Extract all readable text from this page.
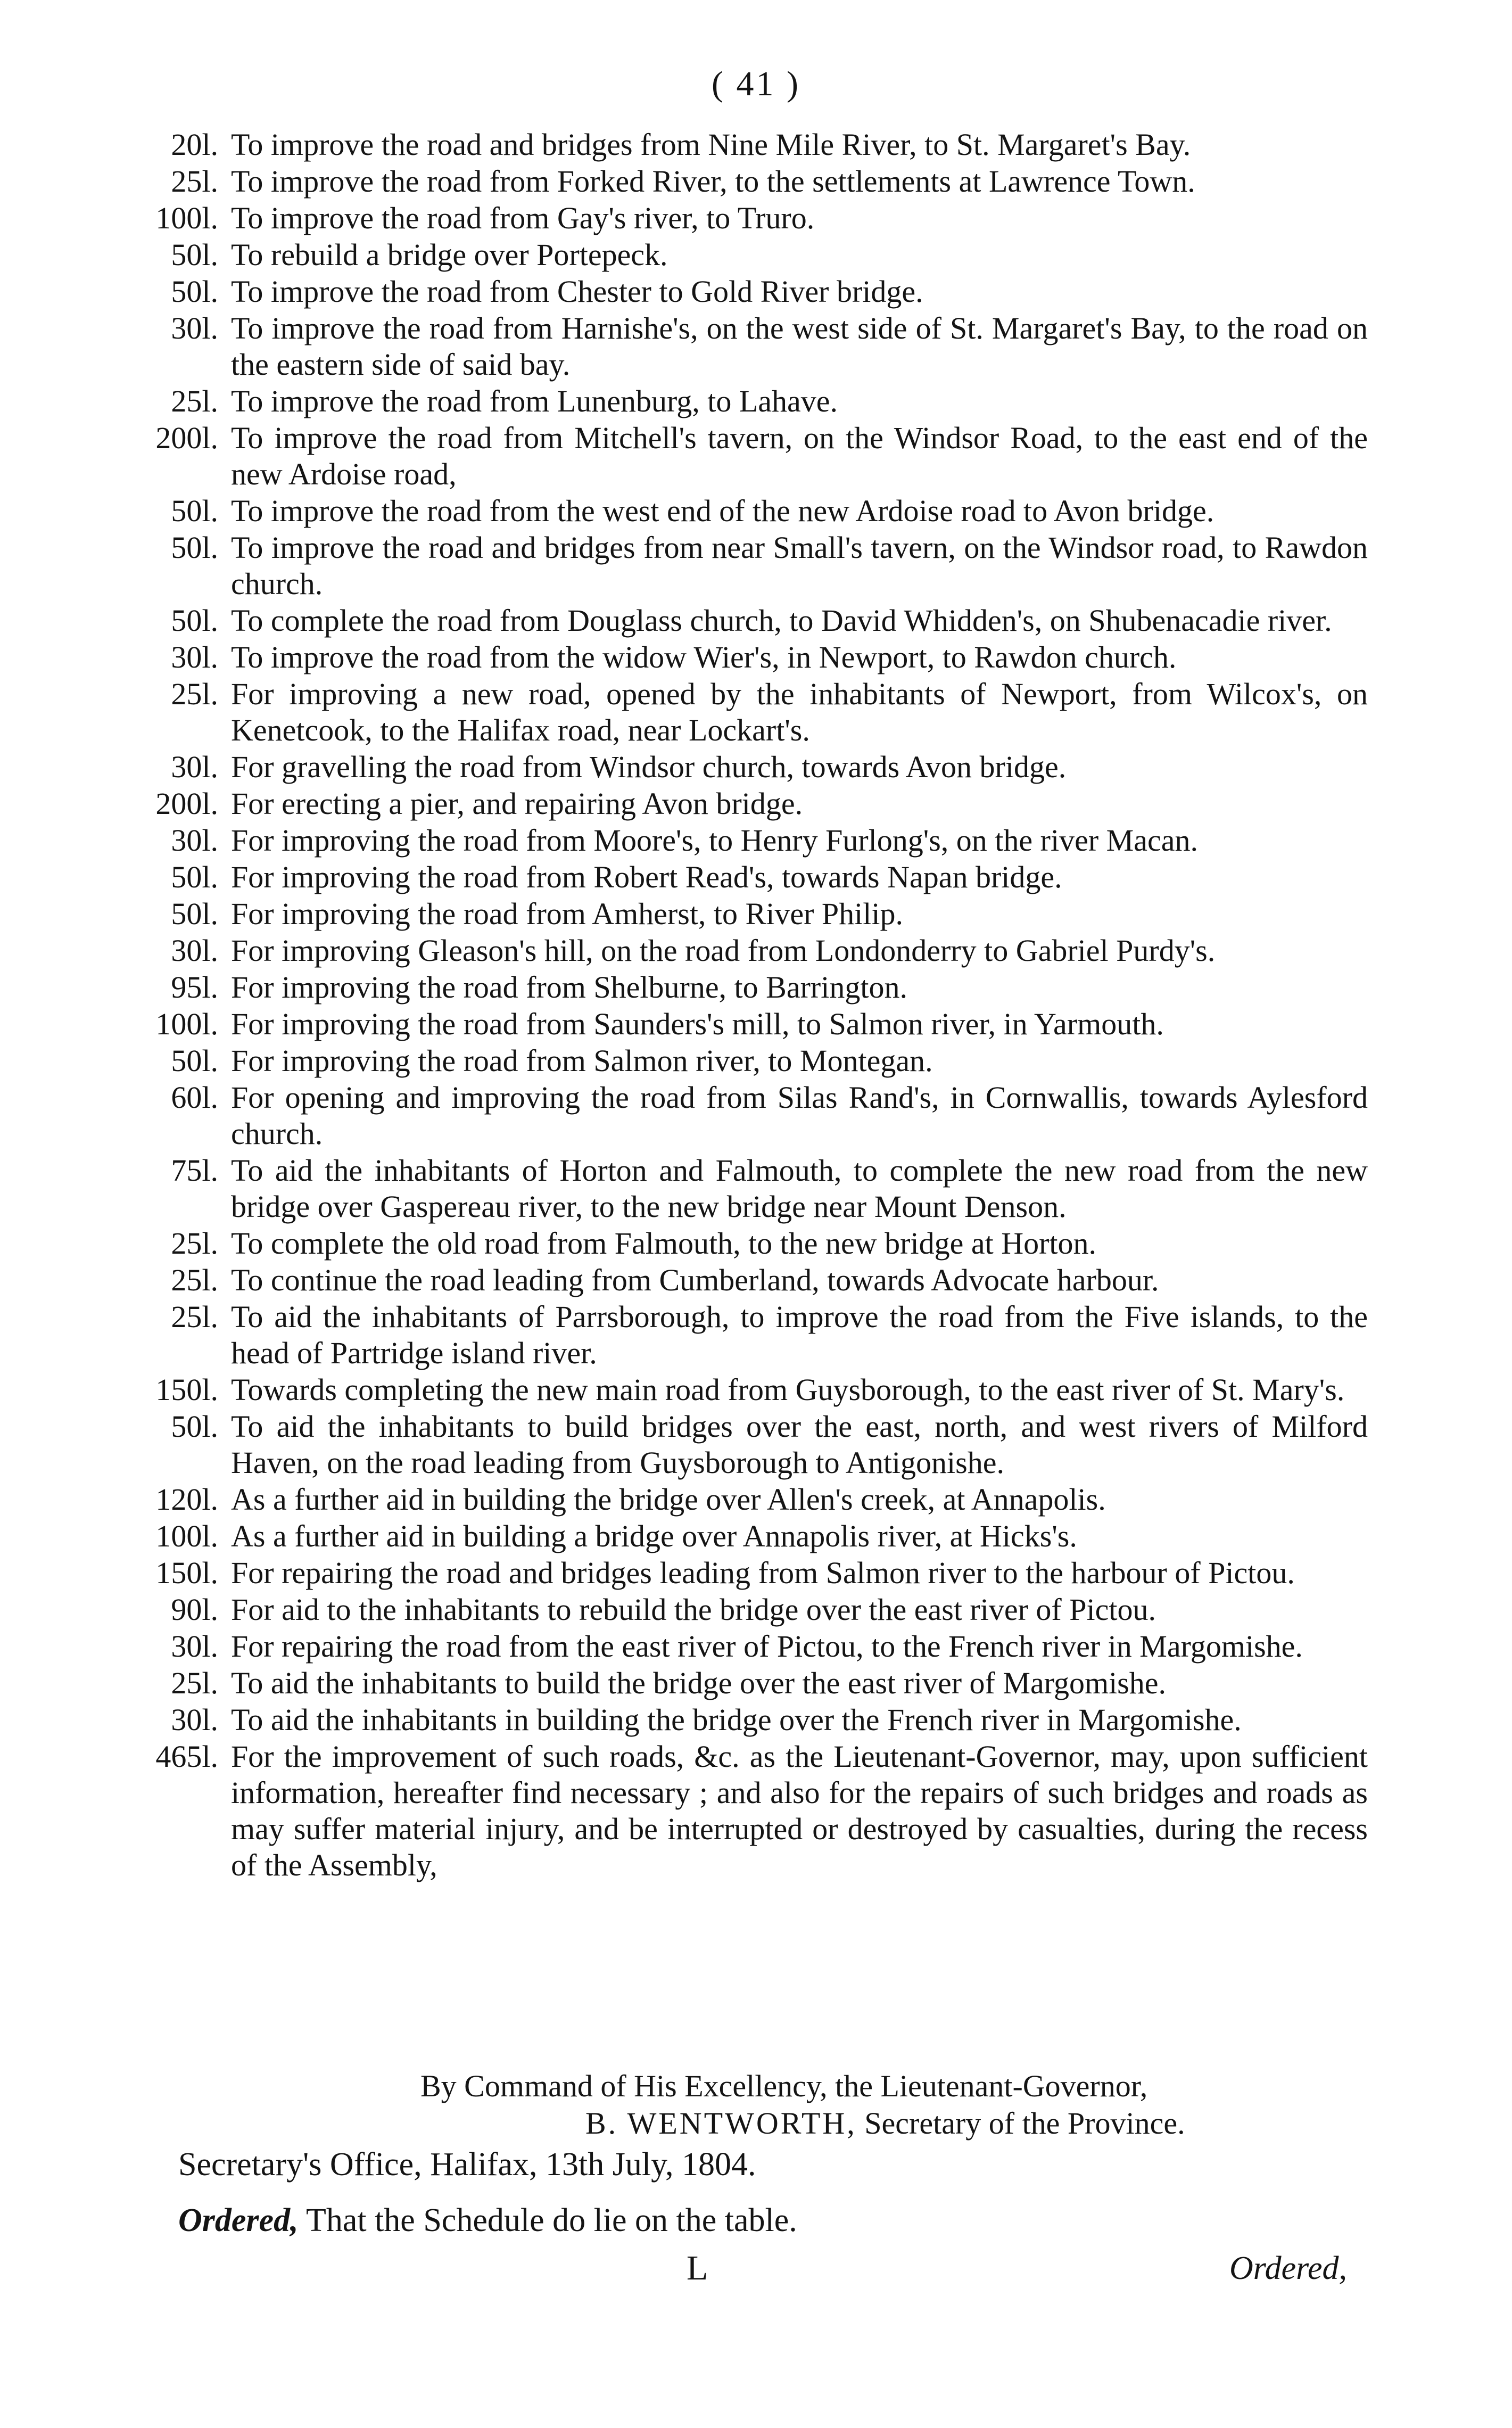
( 41 )
20l. To improve the road and bridges from Nine Mile River, to St. Margaret's Bay.
25l. To improve the road from Forked River, to the settlements at Lawrence Town.
100l. To improve the road from Gay's river, to Truro.
50l. To rebuild a bridge over Portepeck.
50l. To improve the road from Chester to Gold River bridge.
30l. To improve the road from Harnishe's, on the west side of St. Margaret's Bay, to the road on the eastern side of said bay.
25l. To improve the road from Lunenburg, to Lahave.
200l. To improve the road from Mitchell's tavern, on the Windsor Road, to the east end of the new Ardoise road,
50l. To improve the road from the west end of the new Ardoise road to Avon bridge.
50l. To improve the road and bridges from near Small's tavern, on the Windsor road, to Rawdon church.
50l. To complete the road from Douglass church, to David Whidden's, on Shubenacadie river.
30l. To improve the road from the widow Wier's, in Newport, to Rawdon church.
25l. For improving a new road, opened by the inhabitants of Newport, from Wilcox's, on Kenetcook, to the Halifax road, near Lockart's.
30l. For gravelling the road from Windsor church, towards Avon bridge.
200l. For erecting a pier, and repairing Avon bridge.
30l. For improving the road from Moore's, to Henry Furlong's, on the river Macan.
50l. For improving the road from Robert Read's, towards Napan bridge.
50l. For improving the road from Amherst, to River Philip.
30l. For improving Gleason's hill, on the road from Londonderry to Gabriel Purdy's.
95l. For improving the road from Shelburne, to Barrington.
100l. For improving the road from Saunders's mill, to Salmon river, in Yarmouth.
50l. For improving the road from Salmon river, to Montegan.
60l. For opening and improving the road from Silas Rand's, in Cornwallis, towards Aylesford church.
75l. To aid the inhabitants of Horton and Falmouth, to complete the new road from the new bridge over Gaspereau river, to the new bridge near Mount Denson.
25l. To complete the old road from Falmouth, to the new bridge at Horton.
25l. To continue the road leading from Cumberland, towards Advocate harbour.
25l. To aid the inhabitants of Parrsborough, to improve the road from the Five islands, to the head of Partridge island river.
150l. Towards completing the new main road from Guysborough, to the east river of St. Mary's.
50l. To aid the inhabitants to build bridges over the east, north, and west rivers of Milford Haven, on the road leading from Guysborough to Antigonishe.
120l. As a further aid in building the bridge over Allen's creek, at Annapolis.
100l. As a further aid in building a bridge over Annapolis river, at Hicks's.
150l. For repairing the road and bridges leading from Salmon river to the harbour of Pictou.
90l. For aid to the inhabitants to rebuild the bridge over the east river of Pictou.
30l. For repairing the road from the east river of Pictou, to the French river in Margomishe.
25l. To aid the inhabitants to build the bridge over the east river of Margomishe.
30l. To aid the inhabitants in building the bridge over the French river in Margomishe.
465l. For the improvement of such roads, &c. as the Lieutenant-Governor, may, upon sufficient information, hereafter find necessary ; and also for the repairs of such bridges and roads as may suffer material injury, and be interrupted or destroyed by casualties, during the recess of the Assembly,
By Command of His Excellency, the Lieutenant-Governor,
B. WENTWORTH, Secretary of the Province.
Secretary's Office, Halifax, 13th July, 1804.
Ordered, That the Schedule do lie on the table.
L	Ordered,
